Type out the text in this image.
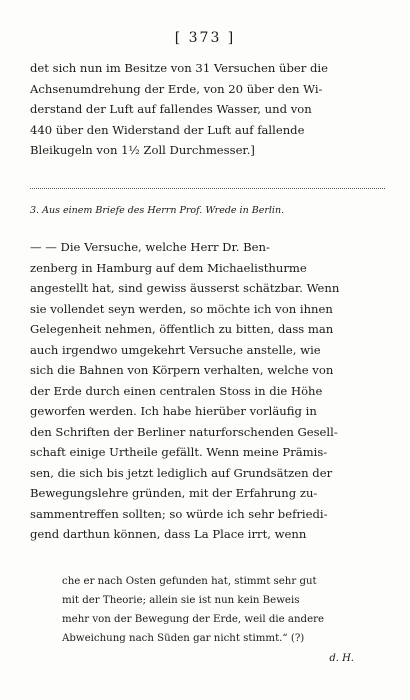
[ 373 ]
det sich nun im Besitze von 31 Versuchen über die
Achsenumdrehung der Erde, von 20 über den Wi-
derstand der Luft auf fallendes Wasser, und von
440 über den Widerstand der Luft auf fallende
Bleikugeln von 1½ Zoll Durchmesser.]
3. Aus einem Briefe des Herrn Prof. Wrede in Berlin.
— — Die Versuche, welche Herr Dr. Ben-
zenberg in Hamburg auf dem Michaelisthurme
angestellt hat, sind gewiss äusserst schätzbar. Wenn
sie vollendet seyn werden, so möchte ich von ihnen
Gelegenheit nehmen, öffentlich zu bitten, dass man
auch irgendwo umgekehrt Versuche anstelle, wie
sich die Bahnen von Körpern verhalten, welche von
der Erde durch einen centralen Stoss in die Höhe
geworfen werden. Ich habe hierüber vorläufig in
den Schriften der Berliner naturforschenden Gesell-
schaft einige Urtheile gefällt. Wenn meine Prämis-
sen, die sich bis jetzt lediglich auf Grundsätzen der
Bewegungslehre gründen, mit der Erfahrung zu-
sammentreffen sollten; so würde ich sehr befriedi-
gend darthun können, dass La Place irrt, wenn
che er nach Osten gefunden hat, stimmt sehr gut
mit der Theorie; allein sie ist nun kein Beweis
mehr von der Bewegung der Erde, weil die andere
Abweichung nach Süden gar nicht stimmt.“ (?)
d. H.
